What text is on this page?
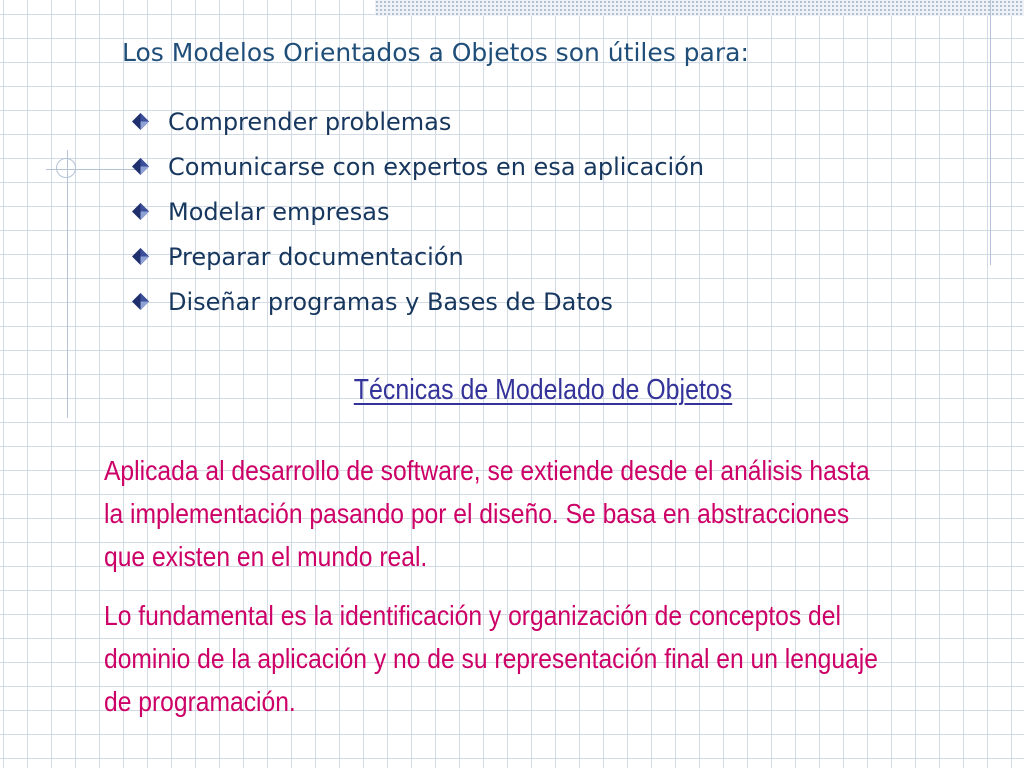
Los Modelos Orientados a Objetos son útiles para:
Comprender problemas
Comunicarse con expertos en esa aplicación
Modelar empresas
Preparar documentación
Diseñar programas y Bases de Datos
Técnicas de Modelado de Objetos

Aplicada al desarrollo de software, se extiende desde el análisis hasta
la implementación pasando por el diseño. Se basa en abstracciones
que existen en el mundo real.

Lo fundamental es la identificación y organización de conceptos del
dominio de la aplicación y no de su representación final en un lenguaje
de programación.
